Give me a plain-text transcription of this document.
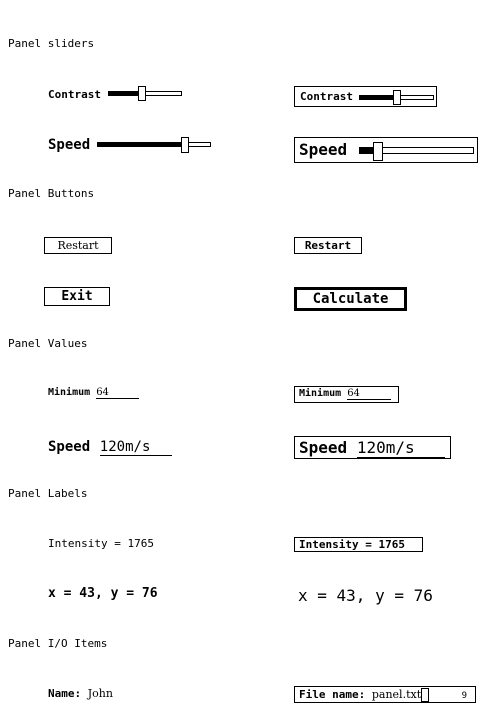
Panel sliders
Panel Buttons
Panel Values
Panel Labels
Panel I/O Items
Contrast
Speed
Contrast
Speed
Restart
Exit
Restart
Calculate
Minimum 64
Speed 120m/s
Minimum 64
Speed 120m/s
Intensity = 1765
x = 43, y = 76
Intensity = 1765
x = 43, y = 76
Name: John	File name: panel.txt	9
